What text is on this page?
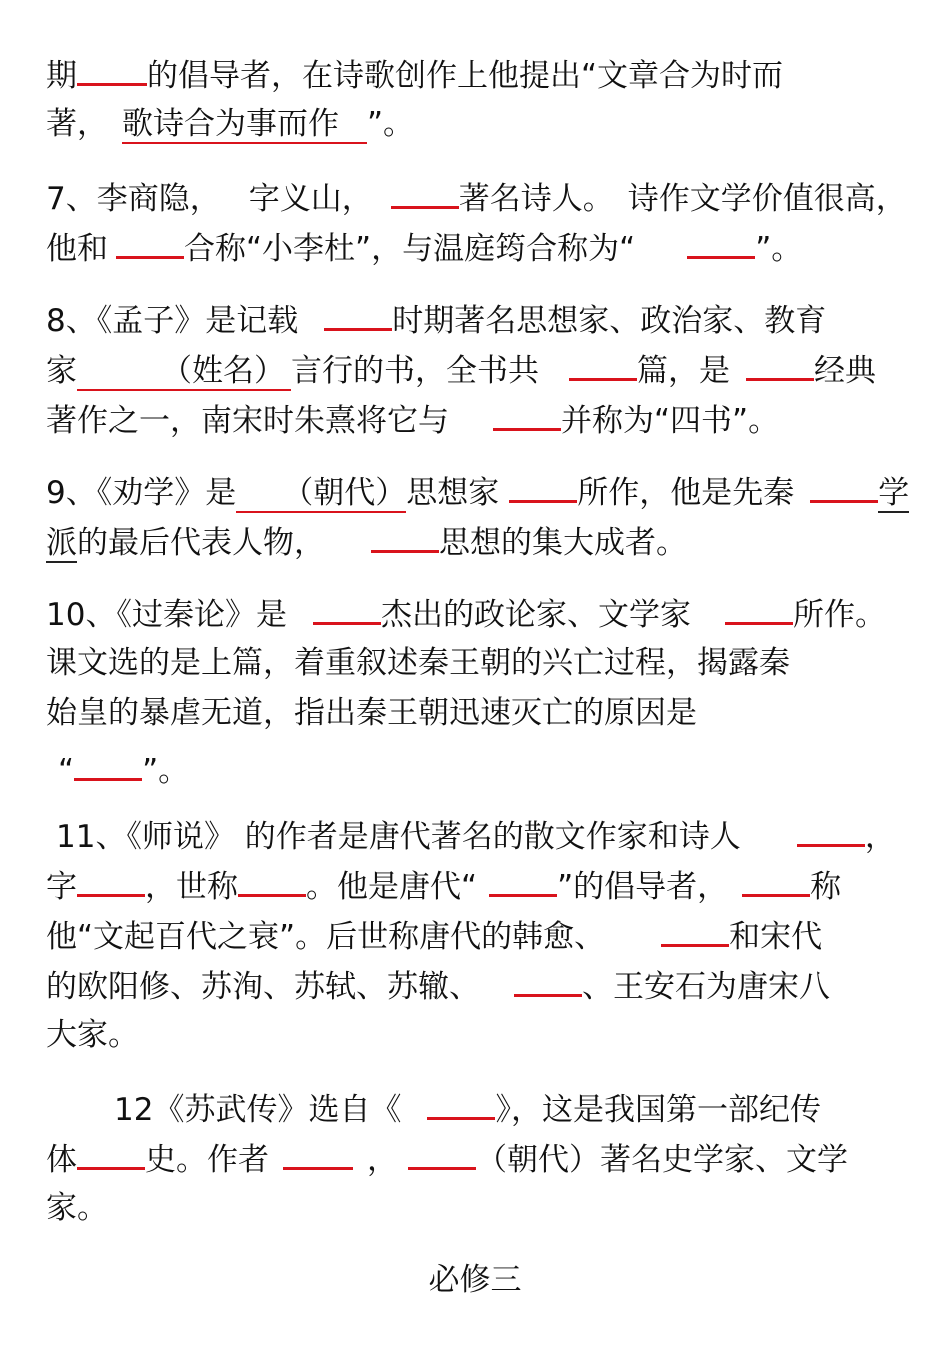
期 的倡导者，在诗歌创作上他提出“文章合为时而
著， 歌诗合为事而作 ”。
7、李商隐， 字义山，	著名诗人。 诗作文学价值很高，
他和 合称“小李杜”，与温庭筠合称为“	”。
8、《孟子》是记载	时期著名思想家、政治家、教育
家	（姓名） 言行的书，全书共	篇，是	经典
著作之一，南宋时朱熹将它与	并称为“四书”。
9、《劝学》是 （朝代）思想家	所作，他是先秦	学
派的最后代表人物，	思想的集大成者。
10、《过秦论》是	杰出的政论家、文学家	所作。
课文选的是上篇，着重叙述秦王朝的兴亡过程，揭露秦
始皇的暴虐无道，指出秦王朝迅速灭亡的原因是
“ ”。
11、《师说》 的作者是唐代著名的散文作家和诗人	，
字 ，世称 。他是唐代“	”的倡导者，	称
他“文起百代之衰”。后世称唐代的韩愈、	和宋代
的欧阳修、苏洵、苏轼、苏辙、	、王安石为唐宋八
大家。
12《苏武传》选自《	》，这是我国第一部纪传
体 史。作者	，	（朝代）著名史学家、文学
家。
必修三
